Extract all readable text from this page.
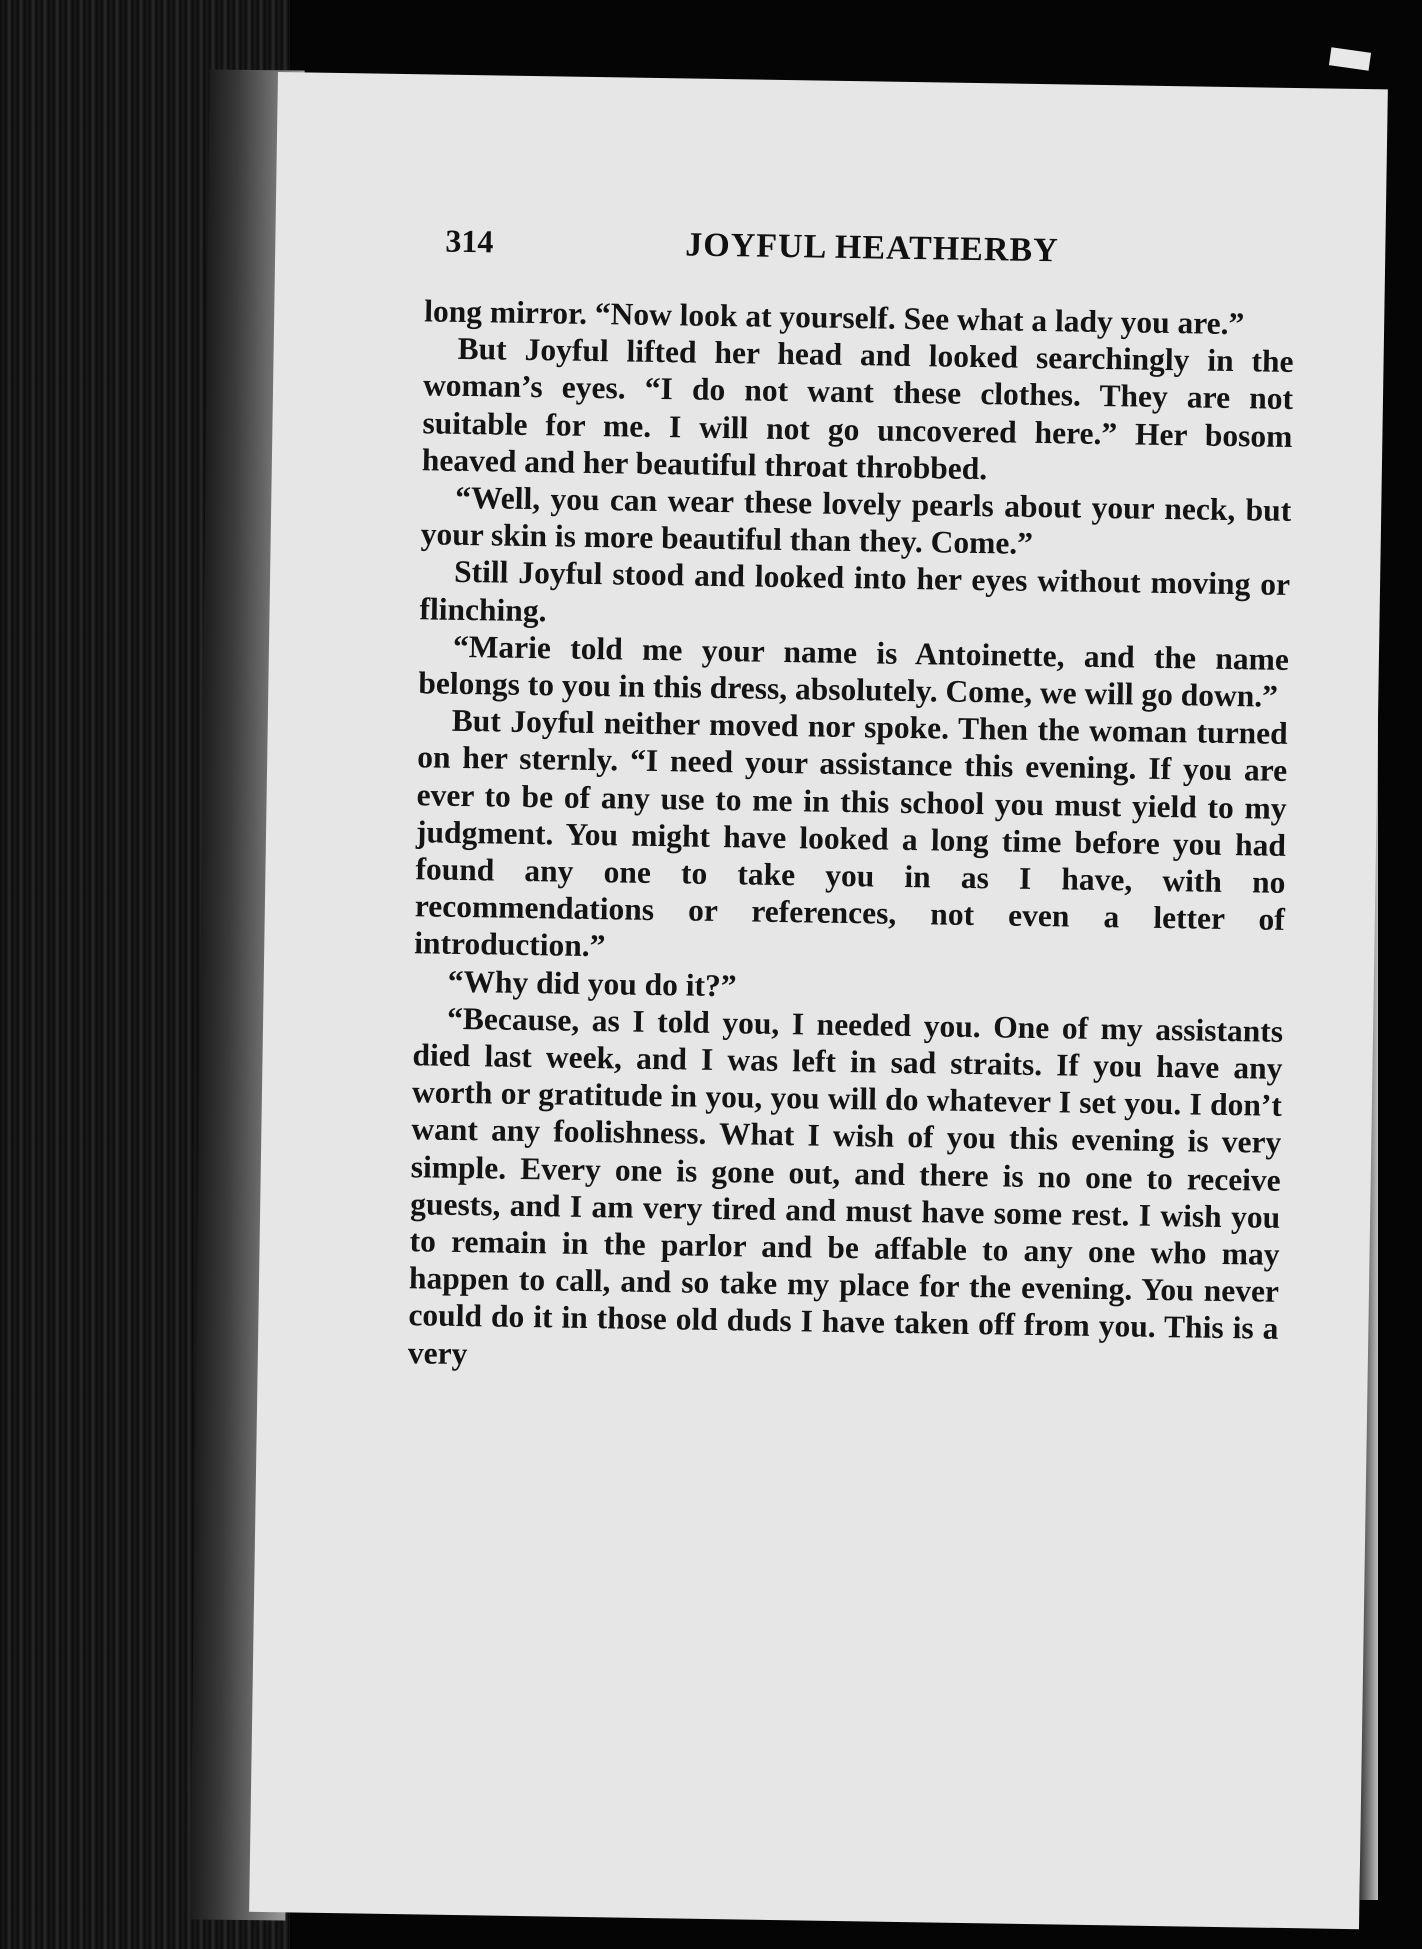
314	JOYFUL HEATHERBY

long mirror. “Now look at yourself. See what a lady you are.”

But Joyful lifted her head and looked searchingly in the woman’s eyes. “I do not want these clothes. They are not suitable for me. I will not go uncovered here.” Her bosom heaved and her beautiful throat throbbed.

“Well, you can wear these lovely pearls about your neck, but your skin is more beautiful than they. Come.”

Still Joyful stood and looked into her eyes without moving or flinching.

“Marie told me your name is Antoinette, and the name belongs to you in this dress, absolutely. Come, we will go down.”

But Joyful neither moved nor spoke. Then the woman turned on her sternly. “I need your assistance this evening. If you are ever to be of any use to me in this school you must yield to my judgment. You might have looked a long time before you had found any one to take you in as I have, with no recommendations or references, not even a letter of introduction.”

“Why did you do it?”

“Because, as I told you, I needed you. One of my assistants died last week, and I was left in sad straits. If you have any worth or gratitude in you, you will do whatever I set you. I don’t want any foolishness. What I wish of you this evening is very simple. Every one is gone out, and there is no one to receive guests, and I am very tired and must have some rest. I wish you to remain in the parlor and be affable to any one who may happen to call, and so take my place for the evening. You never could do it in those old duds I have taken off from you. This is a very
